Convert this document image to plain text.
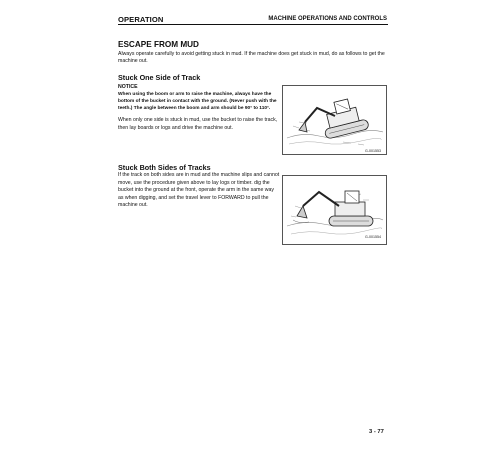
OPERATION	MACHINE OPERATIONS AND CONTROLS
ESCAPE FROM MUD
Always operate carefully to avoid getting stuck in mud. If the machine does get stuck in mud, do as follows to get the machine out.
Stuck One Side of Track
NOTICE
When using the boom or arm to raise the machine, always have the bottom of the bucket in contact with the ground. (Never push with the teeth.) The angle between the boom and arm should be 90° to 110°.
When only one side is stuck in mud, use the bucket to raise the track, then lay boards or logs and drive the machine out.
G-001553
Stuck Both Sides of Tracks
If the track on both sides are in mud and the machine slips and cannot move, use the procedure given above to lay logs or timber. dig the bucket into the ground at the front, operate the arm in the same way as when digging, and set the travel lever to FORWARD to pull the machine out.
G-001554
3 - 77
